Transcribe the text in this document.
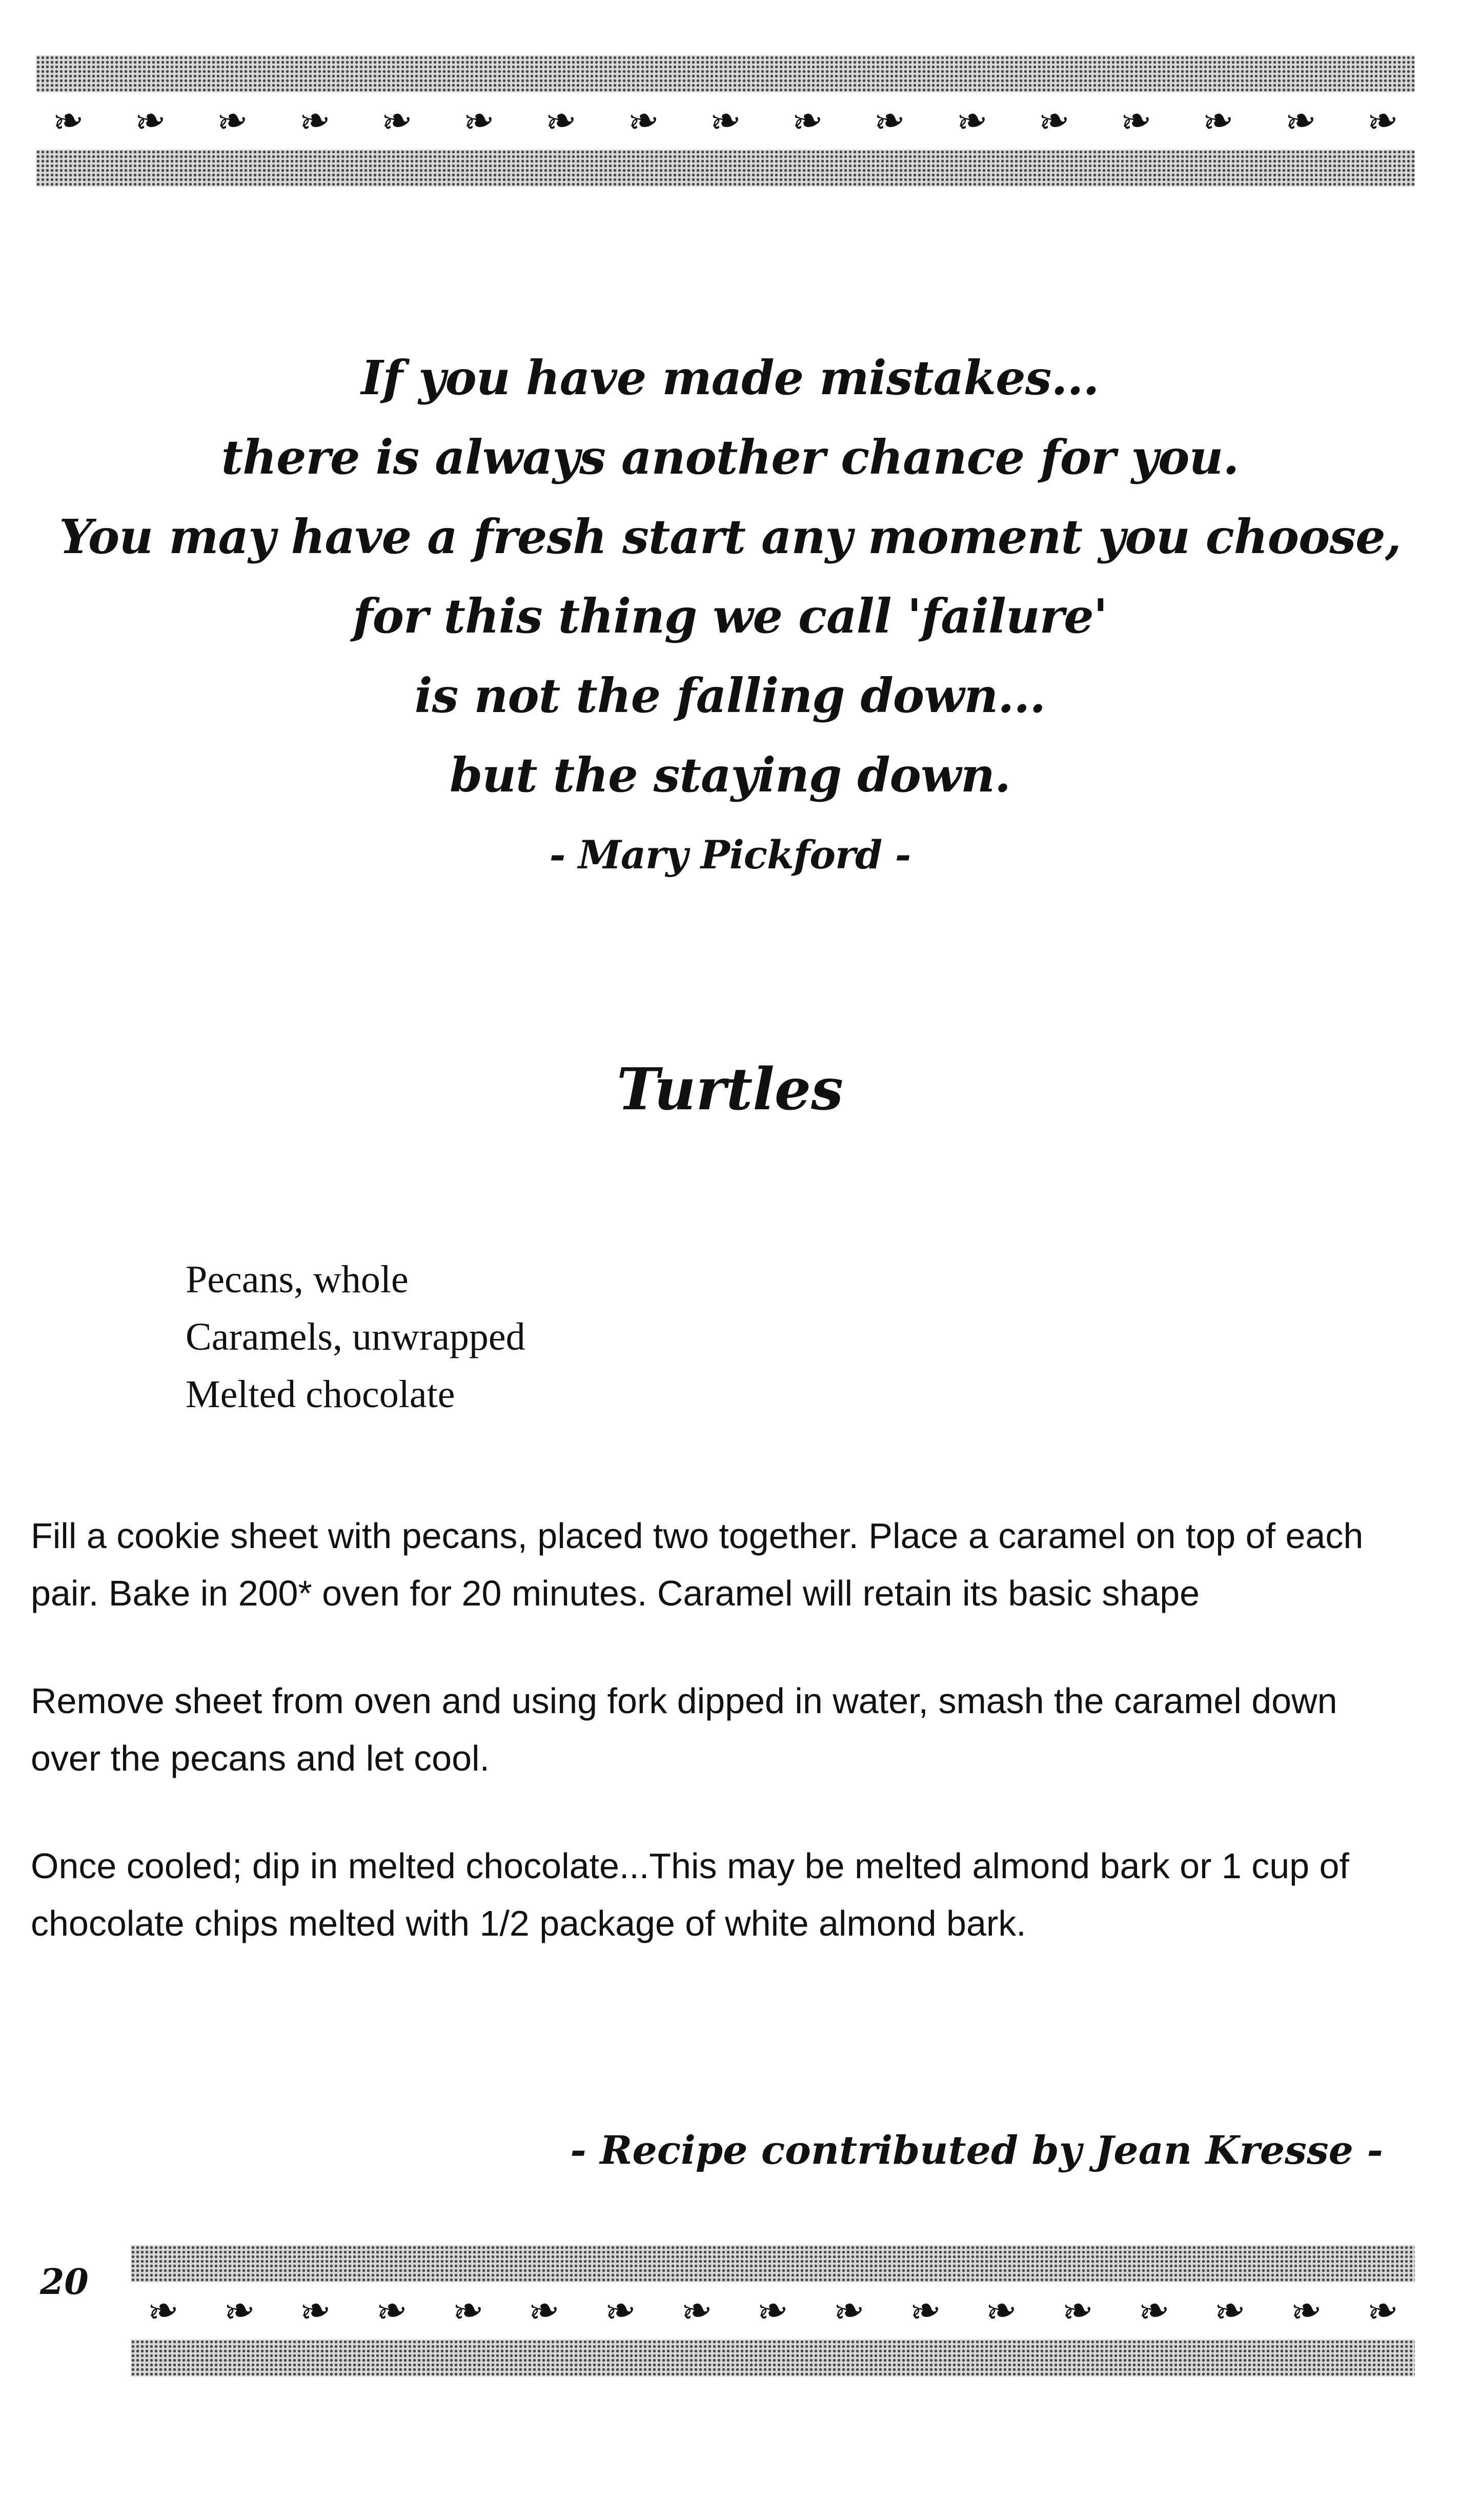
❧ ❧ ❧ ❧ ❧ ❧ ❧ ❧ ❧ ❧ ❧ ❧ ❧ ❧ ❧ ❧ ❧
If you have made mistakes...
there is always another chance for you.
You may have a fresh start any moment you choose,
for this thing we call 'failure'
is not the falling down...
but the staying down.
- Mary Pickford -
Turtles
Pecans, whole
Caramels, unwrapped
Melted chocolate

Fill a cookie sheet with pecans, placed two together. Place a caramel on top of each pair. Bake in 200* oven for 20 minutes. Caramel will retain its basic shape

Remove sheet from oven and using fork dipped in water, smash the caramel down over the pecans and let cool.

Once cooled; dip in melted chocolate...This may be melted almond bark or 1 cup of chocolate chips melted with 1/2 package of white almond bark.

- Recipe contributed by Jean Kresse -
20
❧ ❧ ❧ ❧ ❧ ❧ ❧ ❧ ❧ ❧ ❧ ❧ ❧ ❧ ❧ ❧ ❧
